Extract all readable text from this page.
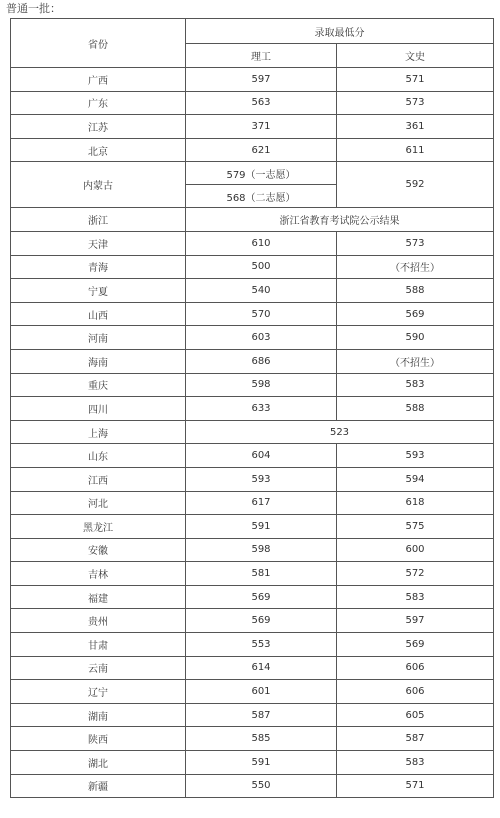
普通一批：
省份	录取最低分	
	理工	文史
广西	597	571
广东	563	573
江苏	371	361
北京	621	611
内蒙古	579（一志愿）	592
	568（二志愿）	
浙江	浙江省教育考试院公示结果	
天津	610	573
青海	500	（不招生）
宁夏	540	588
山西	570	569
河南	603	590
海南	686	（不招生）
重庆	598	583
四川	633	588
上海	523	
山东	604	593
江西	593	594
河北	617	618
黑龙江	591	575
安徽	598	600
吉林	581	572
福建	569	583
贵州	569	597
甘肃	553	569
云南	614	606
辽宁	601	606
湖南	587	605
陕西	585	587
湖北	591	583
新疆	550	571
